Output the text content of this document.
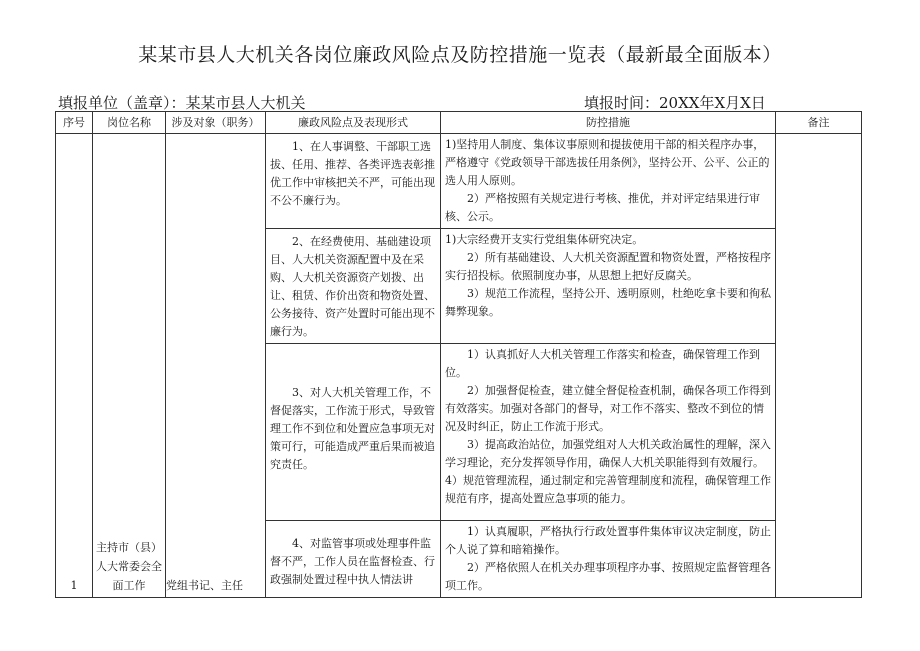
某某市县人大机关各岗位廉政风险点及防控措施一览表（最新最全面版本）
填报单位（盖章）：某某市县人大机关	填报时间：20XX年X月X日
序号	岗位名称	涉及对象（职务）	廉政风险点及表现形式	防控措施	备注
1	主持市（县）人大常委会全面工作	党组书记、主任	1、在人事调整、干部职工选拔、任用、推荐、各类评选表彰推优工作中审核把关不严，可能出现不公不廉行为。	1)坚持用人制度、集体议事原则和提拔使用干部的相关程序办事，严格遵守《党政领导干部选拔任用条例》，坚持公开、公平、公正的选人用人原则。

2）严格按照有关规定进行考核、推优，并对评定结果进行审核、公示。	

			2、在经费使用、基础建设项目、人大机关资源配置中及在采购、人大机关资源资产划拨、出让、租赁、作价出资和物资处置、公务接待、资产处置时可能出现不廉行为。	1)大宗经费开支实行党组集体研究决定。

2）所有基础建设、人大机关资源配置和物资处置，严格按程序实行招投标。依照制度办事，从思想上把好反腐关。

3）规范工作流程，坚持公开、透明原则，杜绝吃拿卡要和徇私舞弊现象。	

			3、对人大机关管理工作，不督促落实，工作流于形式，导致管理工作不到位和处置应急事项无对策可行，可能造成严重后果而被追究责任。	1）认真抓好人大机关管理工作落实和检查，确保管理工作到位。

2）加强督促检查，建立健全督促检查机制，确保各项工作得到有效落实。加强对各部门的督导，对工作不落实、整改不到位的情况及时纠正，防止工作流于形式。

3）提高政治站位，加强党组对人大机关政治属性的理解，深入学习理论，充分发挥领导作用，确保人大机关职能得到有效履行。

4）规范管理流程，通过制定和完善管理制度和流程，确保管理工作规范有序，提高处置应急事项的能力。	

			4、对监管事项或处理事件监督不严，工作人员在监督检查、行政强制处置过程中执人情法讲	1）认真履职，严格执行行政处置事件集体审议决定制度，防止个人说了算和暗箱操作。

2）严格依照人在机关办理事项程序办事、按照规定监督管理各项工作。	
